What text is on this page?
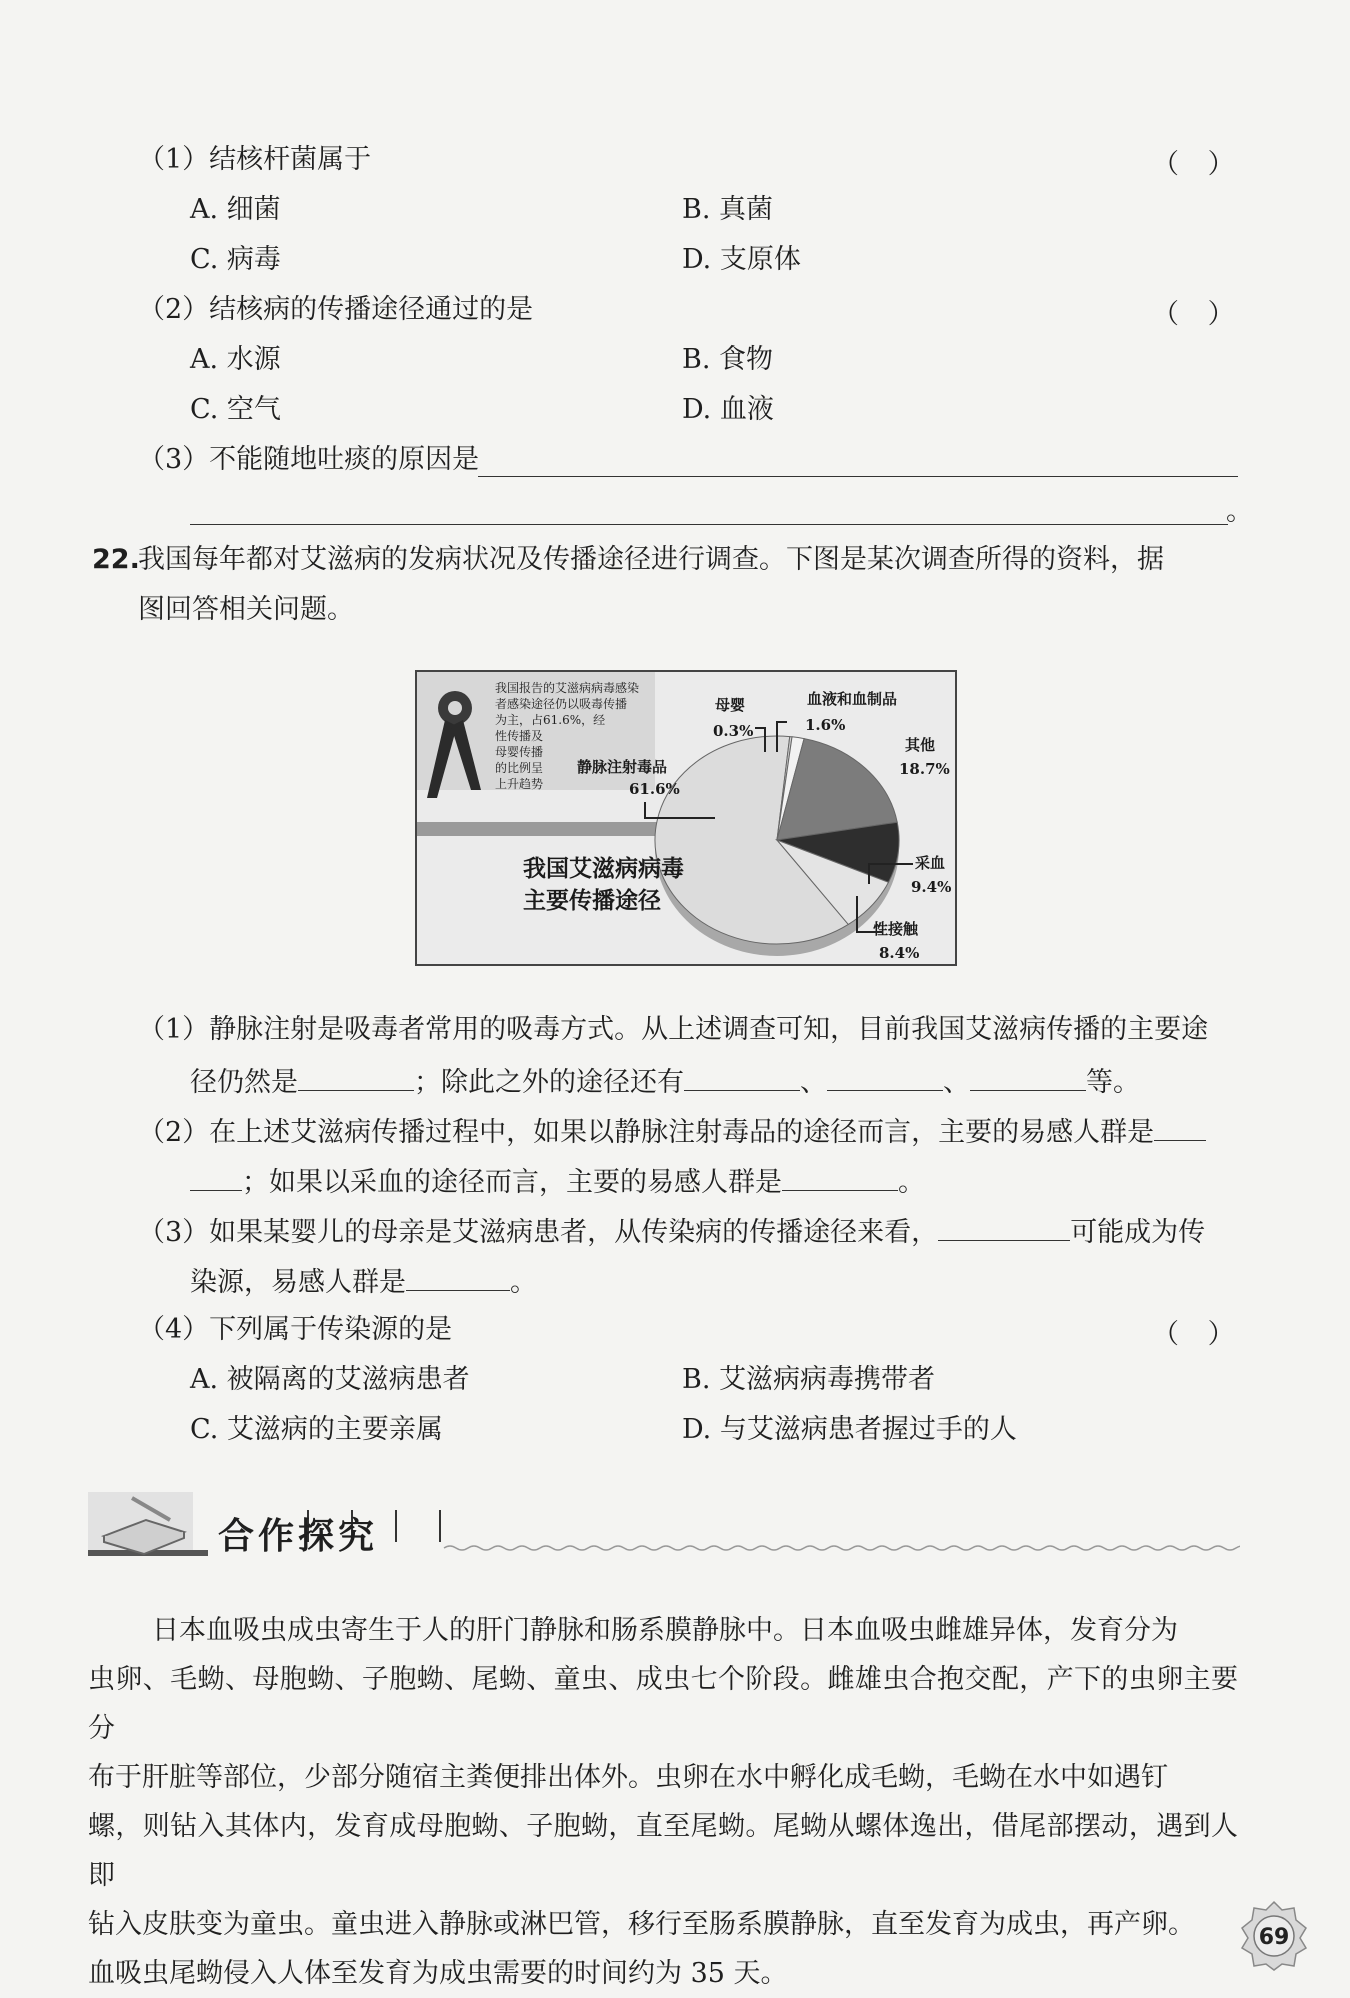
（1）结核杆菌属于	（ ）
A. 细菌	B. 真菌
C. 病毒	D. 支原体
（2）结核病的传播途径通过的是	（ ）
A. 水源	B. 食物
C. 空气	D. 血液
（3）不能随地吐痰的原因是
。
22.
我国每年都对艾滋病的发病状况及传播途径进行调查。下图是某次调查所得的资料，据
图回答相关问题。
我国报告的艾滋病病毒感染
者感染途径仍以吸毒传播
为主，占61.6%，经
性传播及
母婴传播
的比例呈
上升趋势
静脉注射毒品
61.6%
母婴
0.3%
血液和血制品
1.6%
其他
18.7%
采血
9.4%
性接触
8.4%
我国艾滋病病毒
主要传播途径
（1）静脉注射是吸毒者常用的吸毒方式。从上述调查可知，目前我国艾滋病传播的主要途
径仍然是	；除此之外的途径还有	、	、	等。
（2）在上述艾滋病传播过程中，如果以静脉注射毒品的途径而言，主要的易感人群是
；如果以采血的途径而言，主要的易感人群是	。
（3）如果某婴儿的母亲是艾滋病患者，从传染病的传播途径来看，	可能成为传
染源，易感人群是	。
（4）下列属于传染源的是	（ ）
A. 被隔离的艾滋病患者	B. 艾滋病病毒携带者
C. 艾滋病的主要亲属	D. 与艾滋病患者握过手的人
合作探究
日本血吸虫成虫寄生于人的肝门静脉和肠系膜静脉中。日本血吸虫雌雄异体，发育分为
虫卵、毛蚴、母胞蚴、子胞蚴、尾蚴、童虫、成虫七个阶段。雌雄虫合抱交配，产下的虫卵主要分
布于肝脏等部位，少部分随宿主粪便排出体外。虫卵在水中孵化成毛蚴，毛蚴在水中如遇钉
螺，则钻入其体内，发育成母胞蚴、子胞蚴，直至尾蚴。尾蚴从螺体逸出，借尾部摆动，遇到人即
钻入皮肤变为童虫。童虫进入静脉或淋巴管，移行至肠系膜静脉，直至发育为成虫，再产卵。
血吸虫尾蚴侵入人体至发育为成虫需要的时间约为 35 天。
69
